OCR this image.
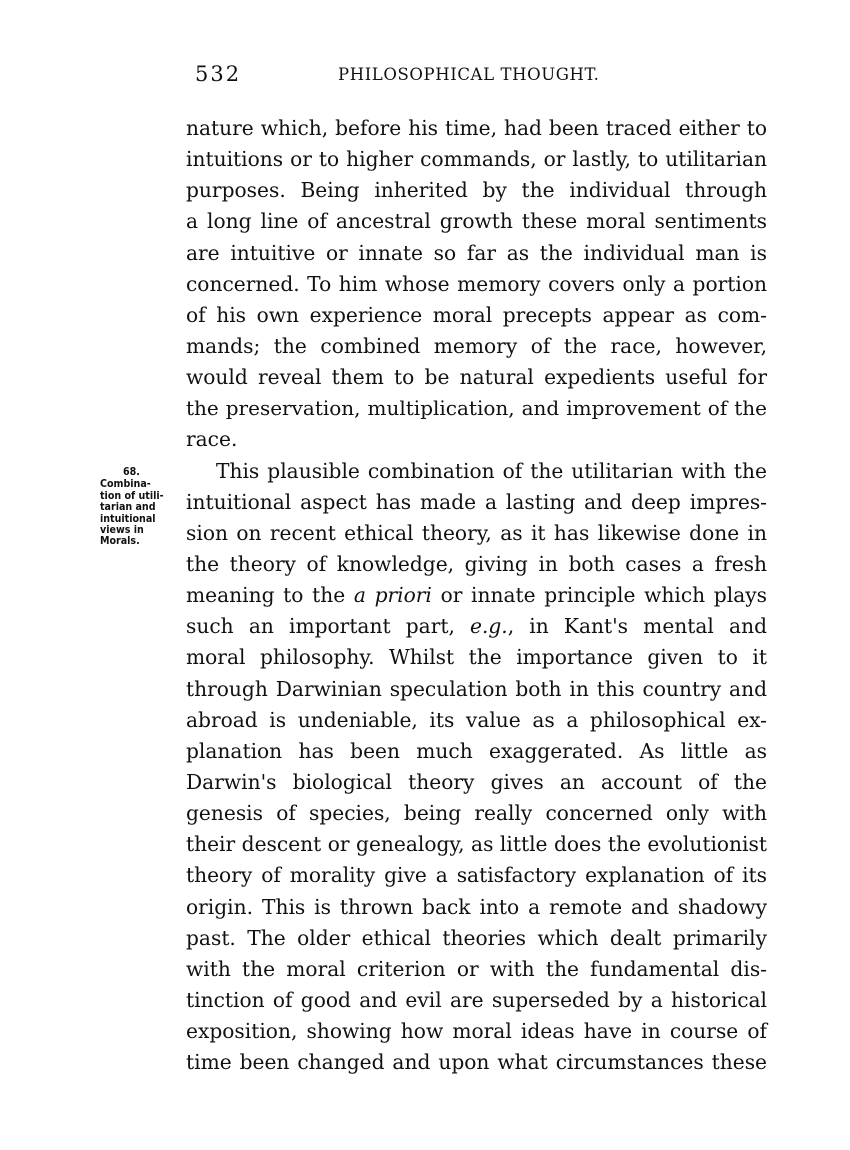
532	PHILOSOPHICAL THOUGHT.
68.
Combina-
tion of utili-
tarian and
intuitional
views in
Morals.
nature which, before his time, had been traced either to
intuitions or to higher commands, or lastly, to utilitarian
purposes. Being inherited by the individual through
a long line of ancestral growth these moral sentiments
are intuitive or innate so far as the individual man is
concerned. To him whose memory covers only a portion
of his own experience moral precepts appear as com-
mands; the combined memory of the race, however,
would reveal them to be natural expedients useful for
the preservation, multiplication, and improvement of the
race.
This plausible combination of the utilitarian with the
intuitional aspect has made a lasting and deep impres-
sion on recent ethical theory, as it has likewise done in
the theory of knowledge, giving in both cases a fresh
meaning to the a priori or innate principle which plays
such an important part, e.g., in Kant's mental and
moral philosophy. Whilst the importance given to it
through Darwinian speculation both in this country and
abroad is undeniable, its value as a philosophical ex-
planation has been much exaggerated. As little as
Darwin's biological theory gives an account of the
genesis of species, being really concerned only with
their descent or genealogy, as little does the evolutionist
theory of morality give a satisfactory explanation of its
origin. This is thrown back into a remote and shadowy
past. The older ethical theories which dealt primarily
with the moral criterion or with the fundamental dis-
tinction of good and evil are superseded by a historical
exposition, showing how moral ideas have in course of
time been changed and upon what circumstances these
